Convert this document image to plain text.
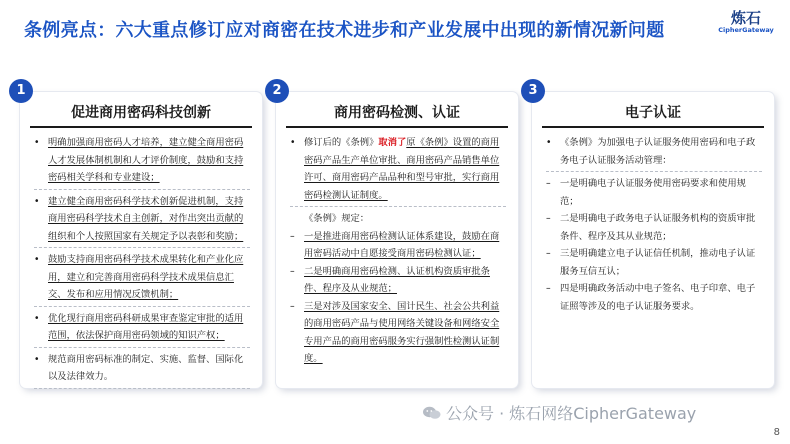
条例亮点：六大重点修订应对商密在技术进步和产业发展中出现的新情况新问题
炼石
CipherGateway
1
促进商用密码科技创新
• 明确加强商用密码人才培养，建立健全商用密码人才发展体制机制和人才评价制度，鼓励和支持密码相关学科和专业建设；
• 建立健全商用密码科学技术创新促进机制，支持商用密码科学技术自主创新，对作出突出贡献的组织和个人按照国家有关规定予以表彰和奖励；
• 鼓励支持商用密码科学技术成果转化和产业化应用，建立和完善商用密码科学技术成果信息汇交、发布和应用情况反馈机制；
• 优化现行商用密码科研成果审查鉴定审批的适用范围，依法保护商用密码领域的知识产权；
• 规范商用密码标准的制定、实施、监督、国际化以及法律效力。
2
商用密码检测、认证
• 修订后的《条例》取消了原《条例》设置的商用密码产品生产单位审批、商用密码产品销售单位许可、商用密码产品品种和型号审批，实行商用密码检测认证制度。
《条例》规定：
– 一是推进商用密码检测认证体系建设，鼓励在商用密码活动中自愿接受商用密码检测认证；
– 二是明确商用密码检测、认证机构资质审批条件、程序及从业规范；
– 三是对涉及国家安全、国计民生、社会公共利益的商用密码产品与使用网络关键设备和网络安全专用产品的商用密码服务实行强制性检测认证制度。
3
电子认证
• 《条例》为加强电子认证服务使用密码和电子政务电子认证服务活动管理：
– 一是明确电子认证服务使用密码要求和使用规范；
– 二是明确电子政务电子认证服务机构的资质审批条件、程序及其从业规范；
– 三是明确建立电子认证信任机制，推动电子认证服务互信互认；
– 四是明确政务活动中电子签名、电子印章、电子证照等涉及的电子认证服务要求。
公众号 · 炼石网络CipherGateway
8
